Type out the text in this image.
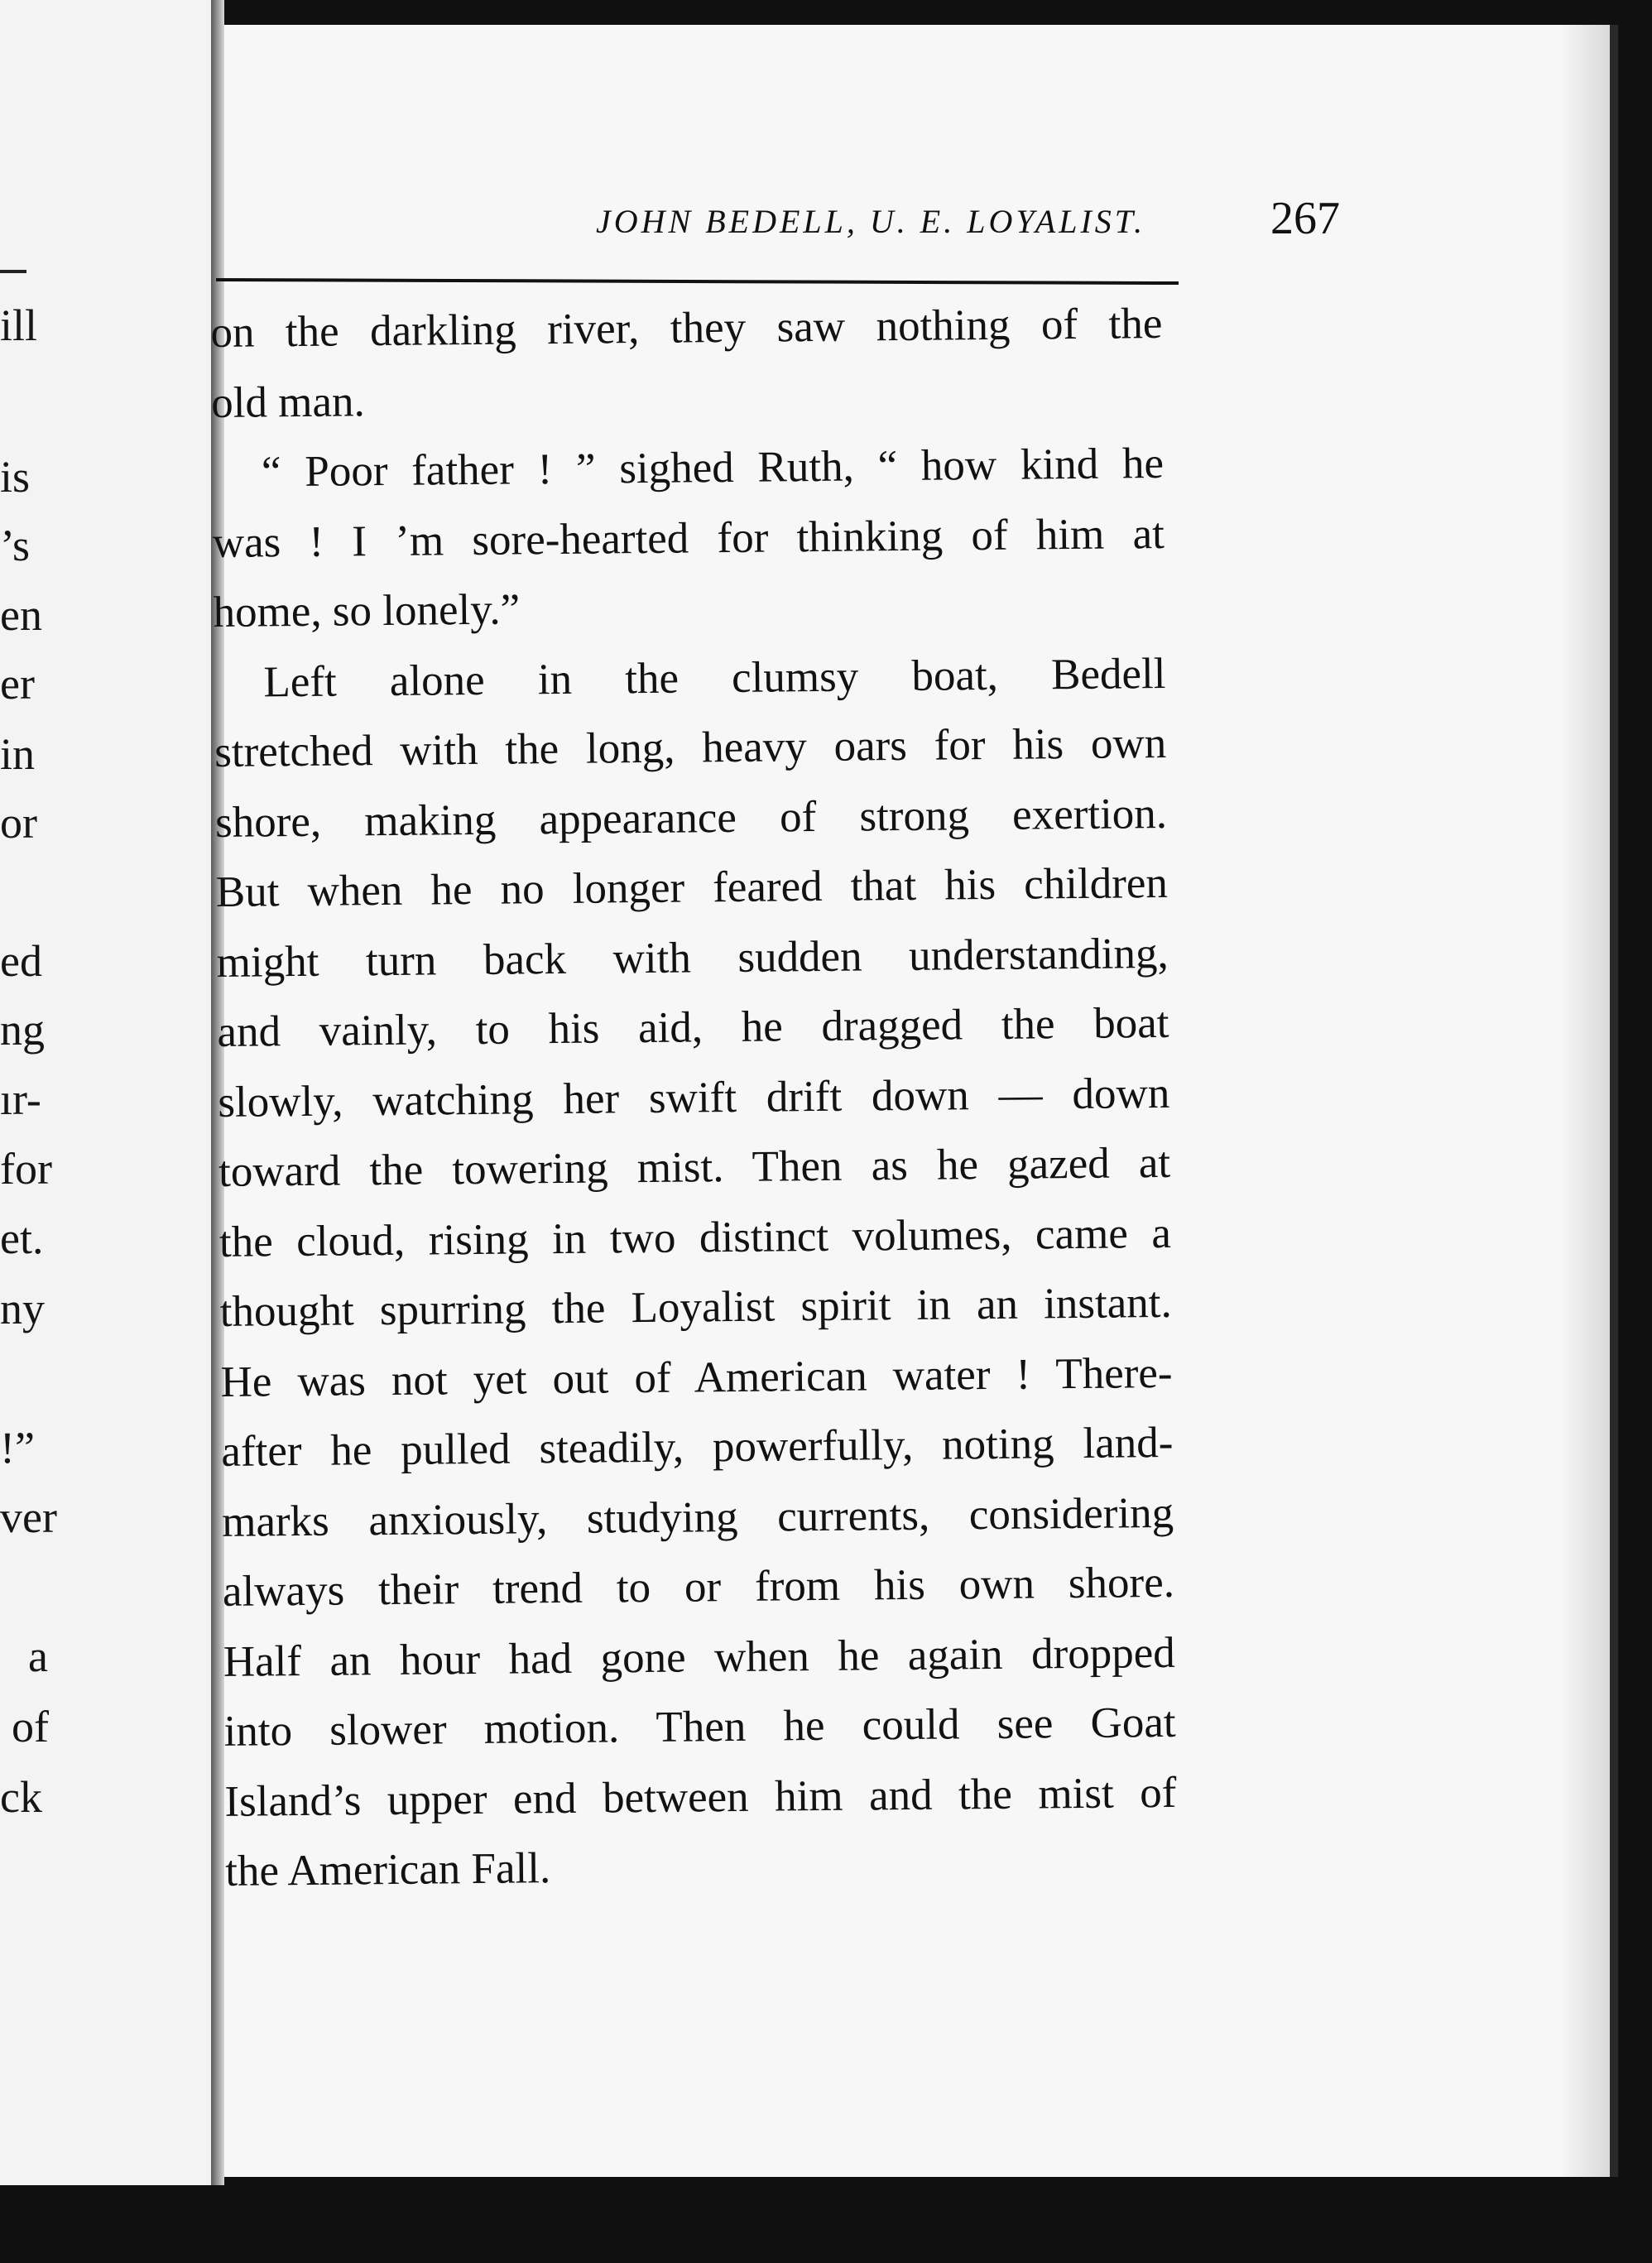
ill
is
’s
en
er
in
or
ed
ng
ır-
for
et.
ny
!”
ver
a
of
ck
JOHN BEDELL, U. E. LOYALIST.	267
on the darkling river, they saw nothing of the
old man.
“ Poor father ! ” sighed Ruth, “ how kind he
was ! I ’m sore-hearted for thinking of him at
home, so lonely.”
Left alone in the clumsy boat, Bedell
stretched with the long, heavy oars for his own
shore, making appearance of strong exertion.
But when he no longer feared that his children
might turn back with sudden understanding,
and vainly, to his aid, he dragged the boat
slowly, watching her swift drift down — down
toward the towering mist. Then as he gazed at
the cloud, rising in two distinct volumes, came a
thought spurring the Loyalist spirit in an instant.
He was not yet out of American water ! There-
after he pulled steadily, powerfully, noting land-
marks anxiously, studying currents, considering
always their trend to or from his own shore.
Half an hour had gone when he again dropped
into slower motion. Then he could see Goat
Island’s upper end between him and the mist of
the American Fall.
